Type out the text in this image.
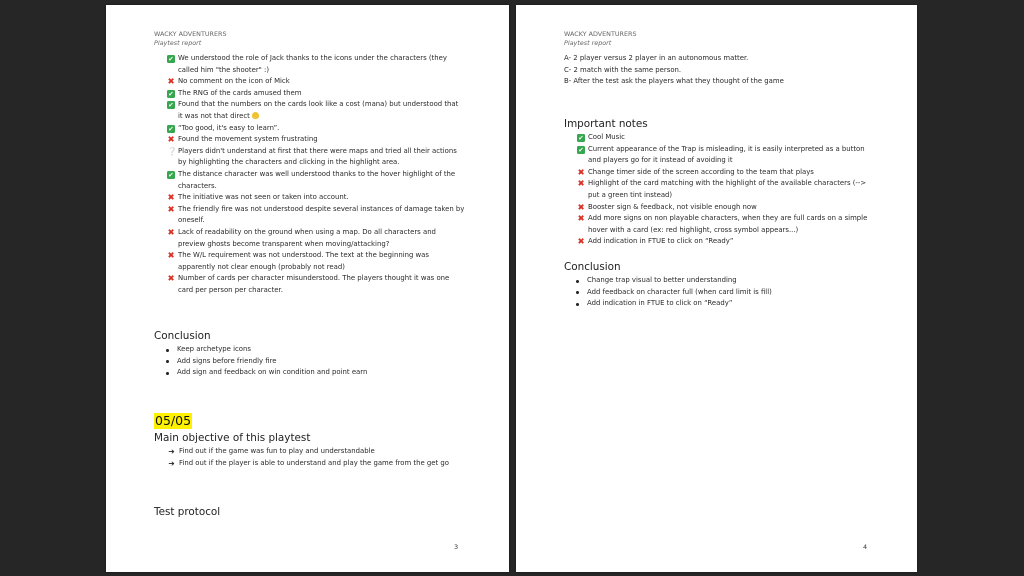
WACKY ADVENTURERS
Playtest report
✔ We understood the role of Jack thanks to the icons under the characters (they called him "the shooter" :)
✖ No comment on the icon of Mick
✔ The RNG of the cards amused them
✔ Found that the numbers on the cards look like a cost (mana) but understood that it was not that direct
✔ “Too good, it's easy to learn”.
✖ Found the movement system frustrating
❔Players didn't understand at first that there were maps and tried all their actions by highlighting the characters and clicking in the highlight area.
✔ The distance character was well understood thanks to the hover highlight of the characters.
✖ The initiative was not seen or taken into account.
✖ The friendly fire was not understood despite several instances of damage taken by oneself.
✖ Lack of readability on the ground when using a map. Do all characters and preview ghosts become transparent when moving/attacking?
✖ The W/L requirement was not understood. The text at the beginning was apparently not clear enough (probably not read)
✖ Number of cards per character misunderstood. The players thought it was one card per person per character.
Conclusion
Keep archetype icons
Add signs before friendly fire
Add sign and feedback on win condition and point earn
05/05
Main objective of this playtest
➔ Find out if the game was fun to play and understandable
➔ Find out if the player is able to understand and play the game from the get go
Test protocol
3
WACKY ADVENTURERS
Playtest report
A- 2 player versus 2 player in an autonomous matter.
C- 2 match with the same person.
B- After the test ask the players what they thought of the game
Important notes
✔ Cool Music
✔ Current appearance of the Trap is misleading, it is easily interpreted as a button and players go for it instead of avoiding it
✖ Change timer side of the screen according to the team that plays
✖ Highlight of the card matching with the highlight of the available characters (--> put a green tint instead)
✖ Booster sign & feedback, not visible enough now
✖ Add more signs on non playable characters, when they are full cards on a simple hover with a card (ex: red highlight, cross symbol appears...)
✖ Add indication in FTUE to click on “Ready”
Conclusion
Change trap visual to better understanding
Add feedback on character full (when card limit is fill)
Add indication in FTUE to click on “Ready”
4
